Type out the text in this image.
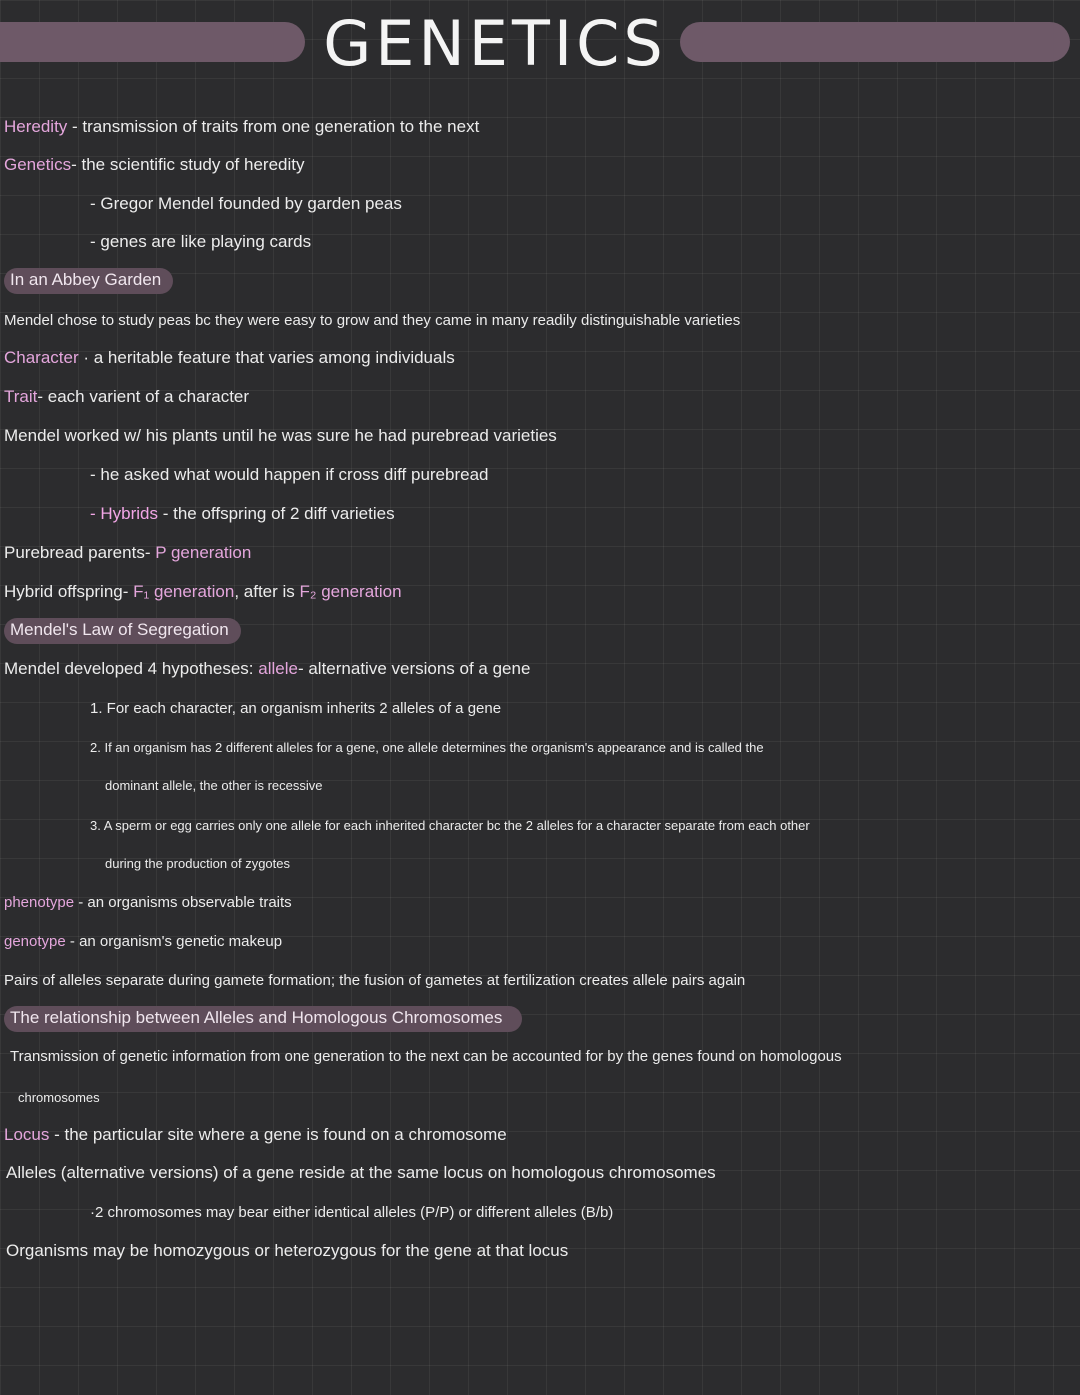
GENETICS
Heredity - transmission of traits from one generation to the next
Genetics- the scientific study of heredity
- Gregor Mendel founded by garden peas
- genes are like playing cards
In an Abbey Garden
Mendel chose to study peas bc they were easy to grow and they came in many readily distinguishable varieties
Character · a heritable feature that varies among individuals
Trait- each varient of a character
Mendel worked w/ his plants until he was sure he had purebread varieties
- he asked what would happen if cross diff purebread
- Hybrids - the offspring of 2 diff varieties
Purebread parents- P generation
Hybrid offspring- F₁ generation, after is F₂ generation
Mendel's Law of Segregation
Mendel developed 4 hypotheses: allele- alternative versions of a gene
1. For each character, an organism inherits 2 alleles of a gene
2. If an organism has 2 different alleles for a gene, one allele determines the organism's appearance and is called the
dominant allele, the other is recessive
3. A sperm or egg carries only one allele for each inherited character bc the 2 alleles for a character separate from each other
during the production of zygotes
phenotype - an organisms observable traits
genotype - an organism's genetic makeup
Pairs of alleles separate during gamete formation; the fusion of gametes at fertilization creates allele pairs again
The relationship between Alleles and Homologous Chromosomes
Transmission of genetic information from one generation to the next can be accounted for by the genes found on homologous
chromosomes
Locus - the particular site where a gene is found on a chromosome
Alleles (alternative versions) of a gene reside at the same locus on homologous chromosomes
·2 chromosomes may bear either identical alleles (P/P) or different alleles (B/b)
Organisms may be homozygous or heterozygous for the gene at that locus
